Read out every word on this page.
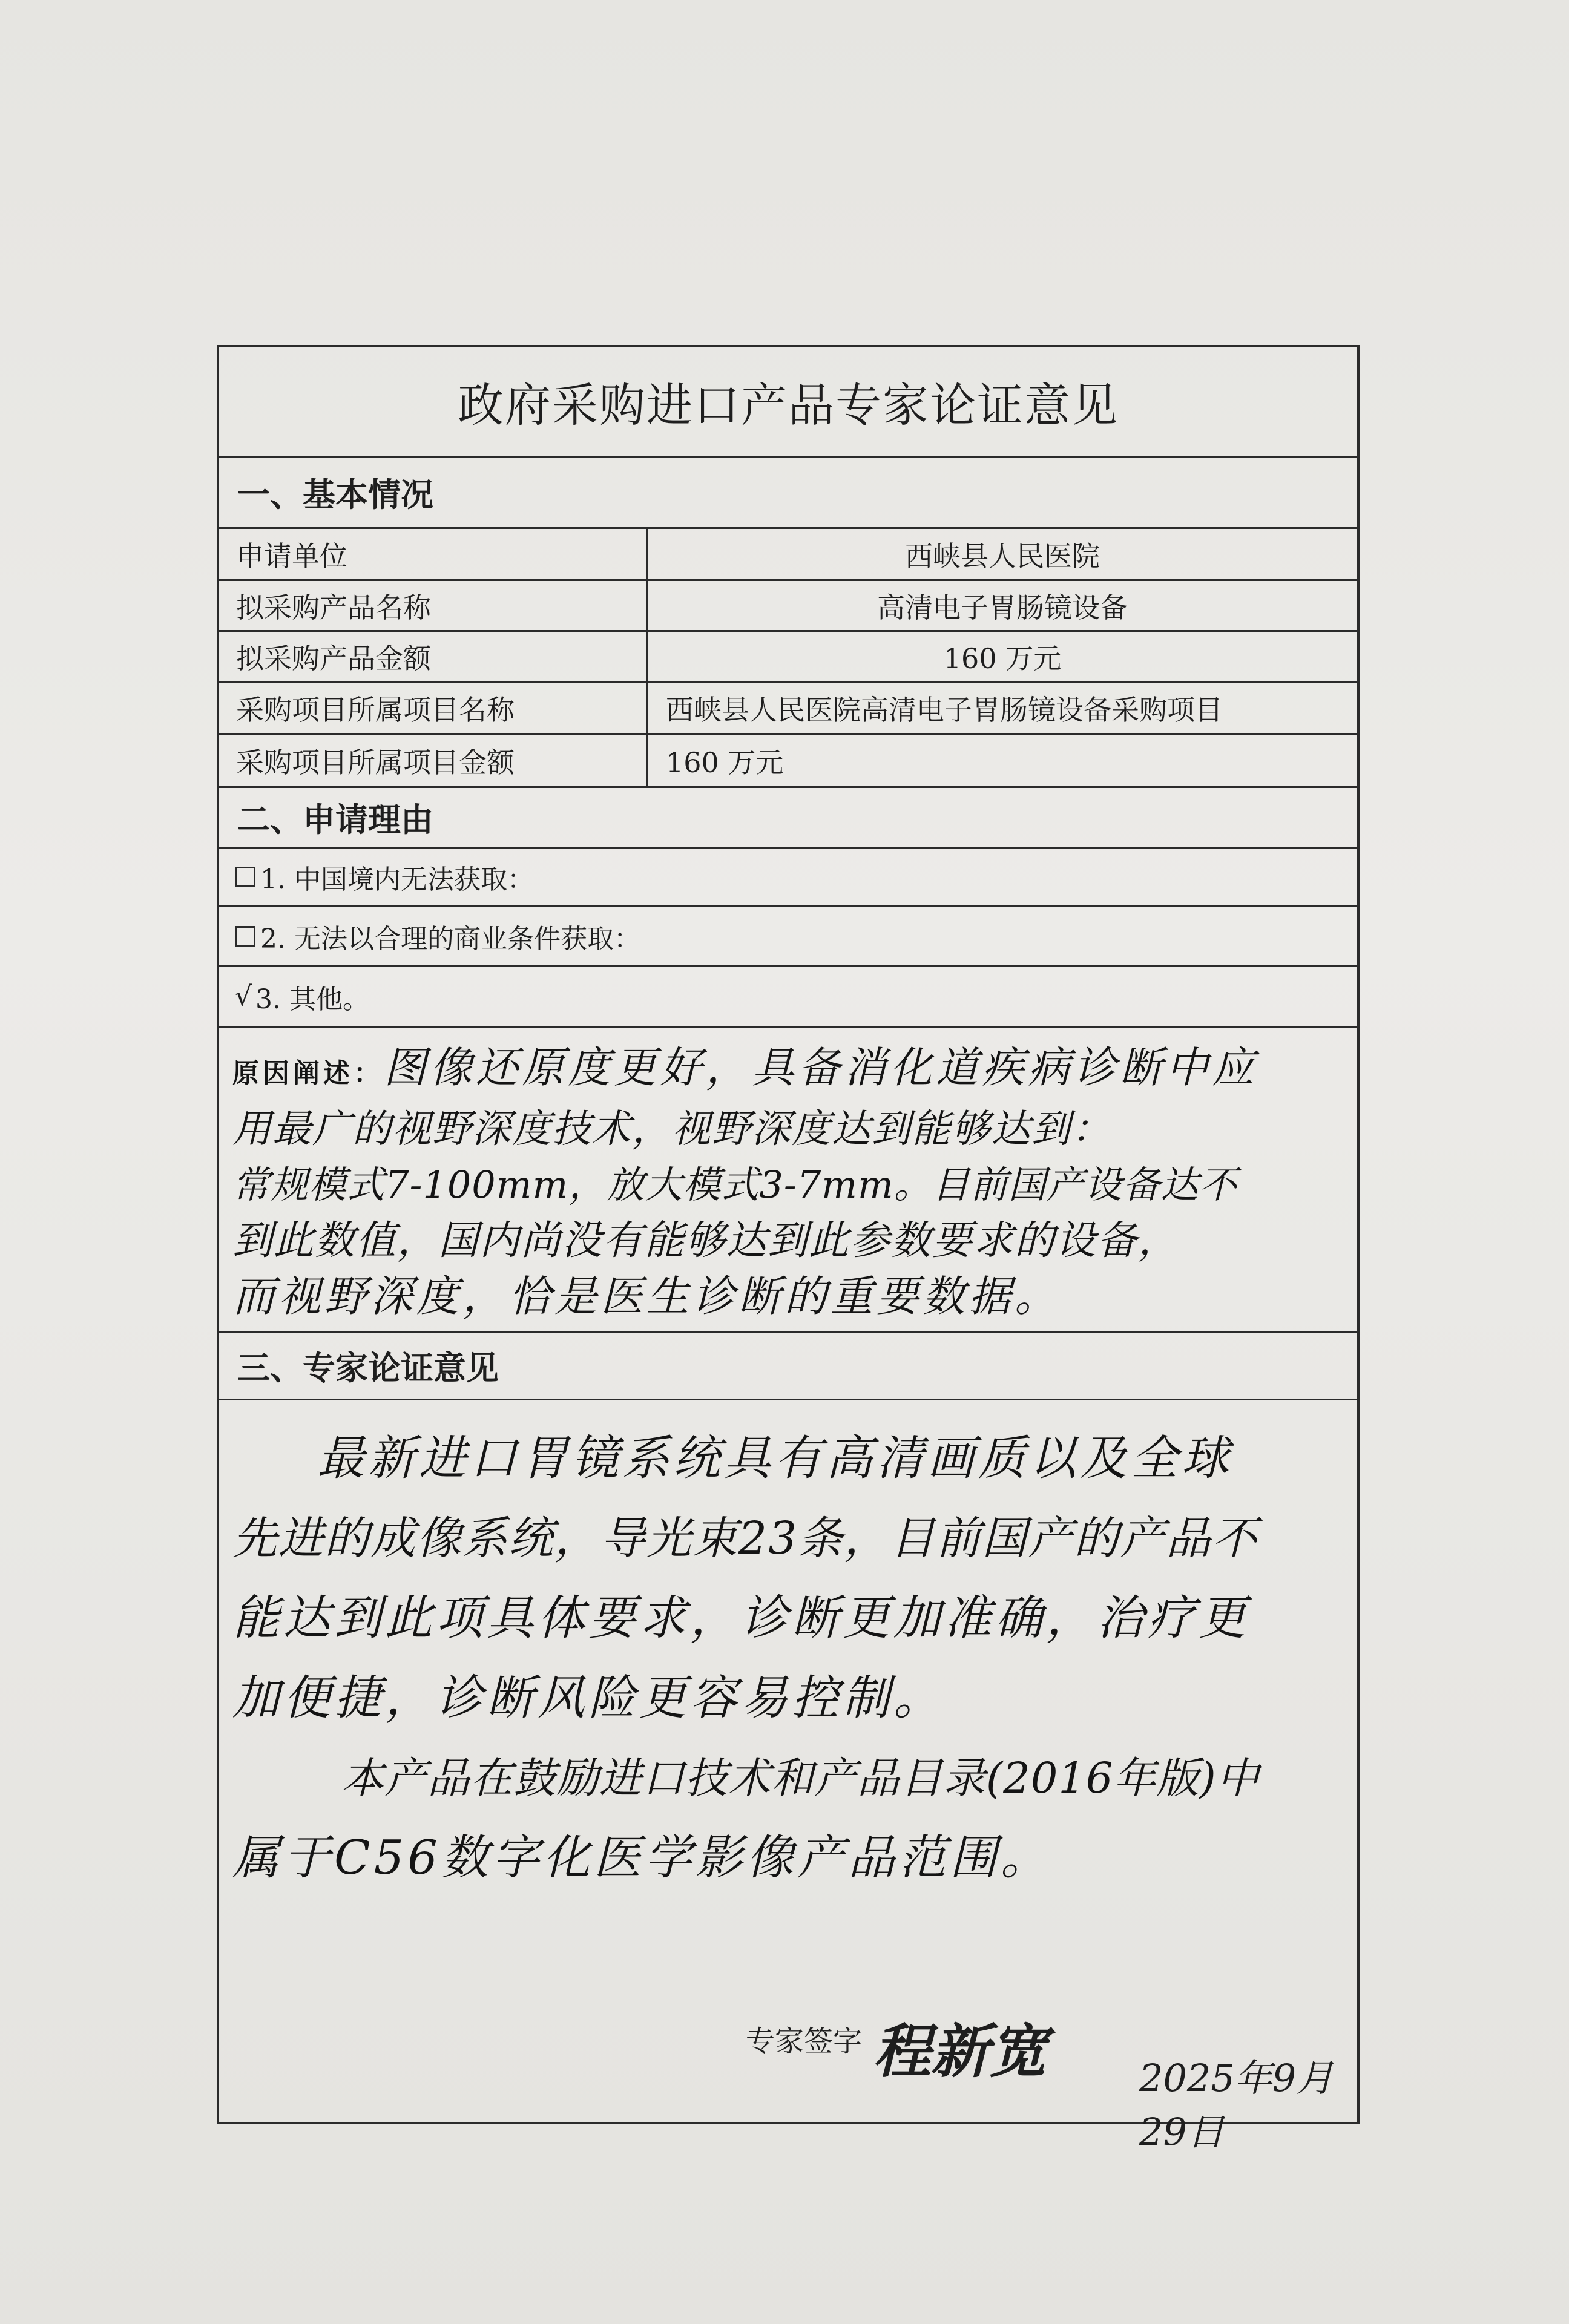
政府采购进口产品专家论证意见
一、基本情况
申请单位	西峡县人民医院
拟采购产品名称	高清电子胃肠镜设备
拟采购产品金额	160 万元
采购项目所属项目名称	西峡县人民医院高清电子胃肠镜设备采购项目
采购项目所属项目金额	160 万元
二、申请理由
1. 中国境内无法获取：
2. 无法以合理的商业条件获取：
√ 3. 其他。
原因阐述：图像还原度更好，具备消化道疾病诊断中应
用最广的视野深度技术，视野深度达到能够达到：
常规模式7-100mm，放大模式3-7mm。目前国产设备达不
到此数值，国内尚没有能够达到此参数要求的设备，
而视野深度，恰是医生诊断的重要数据。
三、专家论证意见
最新进口胃镜系统具有高清画质以及全球
先进的成像系统，导光束23条，目前国产的产品不
能达到此项具体要求，诊断更加准确，治疗更
加便捷，诊断风险更容易控制。
本产品在鼓励进口技术和产品目录(2016年版)中
属于C56数字化医学影像产品范围。
专家签字 程新宽 2025年9月29日
